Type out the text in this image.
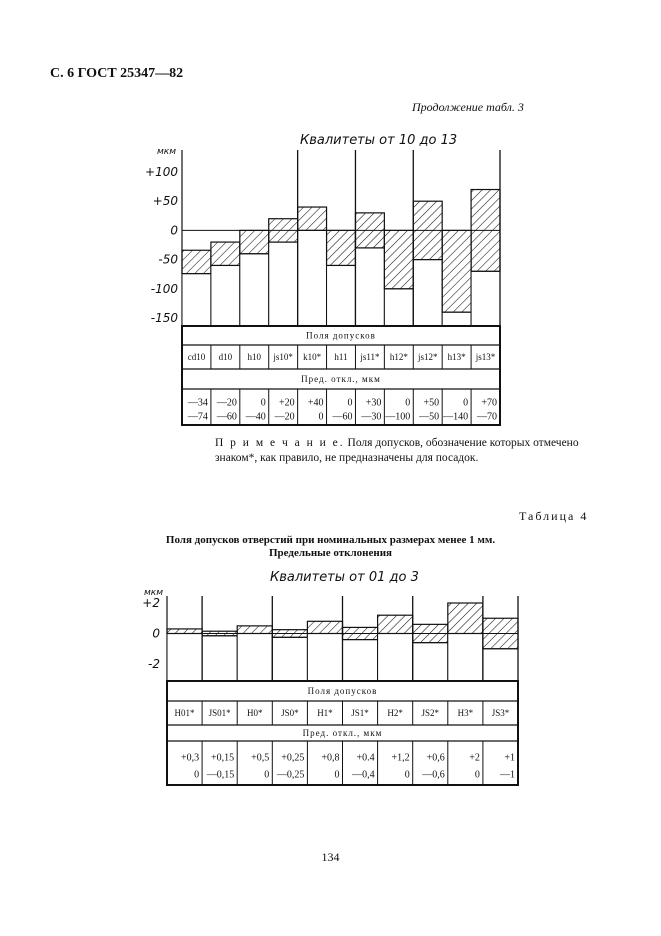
С. 6 ГОСТ 25347—82
Продолжение табл. 3
Квалитеты от 10 до 13
мкм
+100
+50
0
-50
-100
-150
Поля допусков
Пред. откл., мкм
cd10
—34
—74
d10
—20
—60
h10
0
—40
js10*
+20
—20
k10*
+40
0
h11
0
—60
js11*
+30
—30
h12*
0
—100
js12*
+50
—50
h13*
0
—140
js13*
+70
—70
П р и м е ч а н и е. Поля допусков, обозначение которых отмечено знаком*, как правило, не предназначены для посадок.
Таблица 4
Поля допусков отверстий при номинальных размерах менее 1 мм.
Предельные отклонения
Квалитеты от 01 до 3
мкм
+2
0
-2
Поля допусков
Пред. откл., мкм
H01*
+0,3
0
JS01*
+0,15
—0,15
H0*
+0,5
0
JS0*
+0,25
—0,25
H1*
+0,8
0
JS1*
+0.4
—0,4
H2*
+1,2
0
JS2*
+0,6
—0,6
H3*
+2
0
JS3*
+1
—1
134
